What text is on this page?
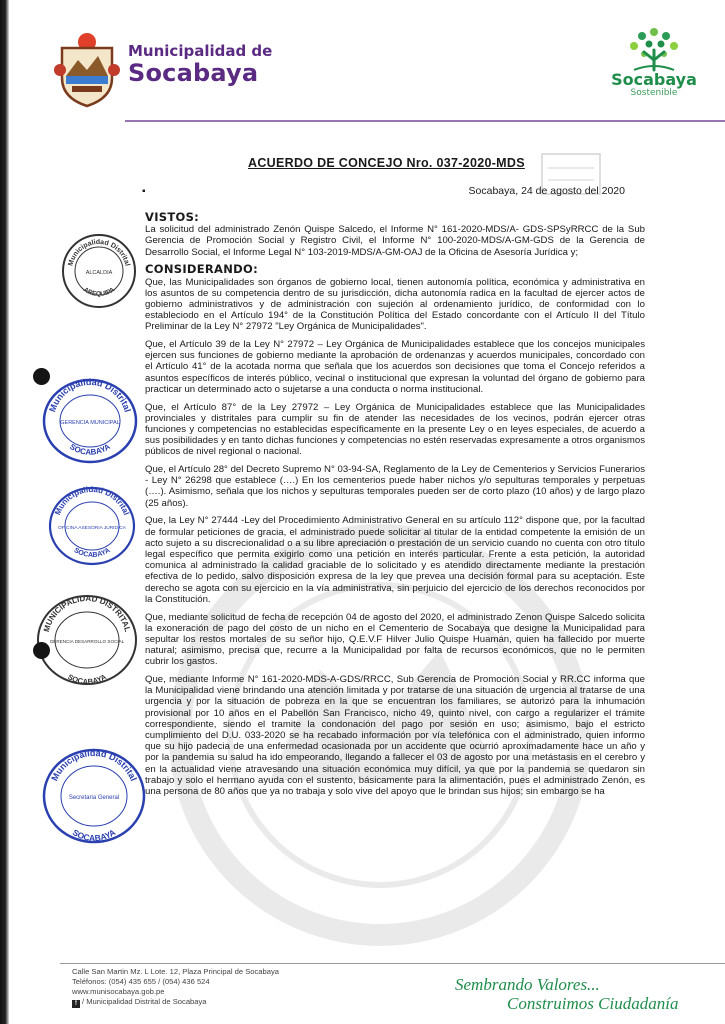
Municipalidad de
Socabaya	Socabaya
Sostenible
ACUERDO DE CONCEJO Nro. 037-2020-MDS
▪	Socabaya, 24 de agosto del 2020
VISTOS:

La solicitud del administrado Zenón Quispe Salcedo, el Informe N° 161-2020-MDS/A- GDS-SPSyRRCC de la Sub Gerencia de Promoción Social y Registro Civil, el Informe N° 100-2020-MDS/A-GM-GDS de la Gerencia de Desarrollo Social, el Informe Legal N° 103-2019-MDS/A-GM-OAJ de la Oficina de Asesoría Jurídica y;

CONSIDERANDO:

Que, las Municipalidades son órganos de gobierno local, tienen autonomía política, económica y administrativa en los asuntos de su competencia dentro de su jurisdicción, dicha autonomía radica en la facultad de ejercer actos de gobierno administrativos y de administración con sujeción al ordenamiento jurídico, de conformidad con lo estableciodo en el Artículo 194° de la Constitución Política del Estado concordante con el Artículo II del Título Preliminar de la Ley N° 27972 "Ley Orgánica de Municipalidades".

Que, el Artículo 39 de la Ley N° 27972 – Ley Orgánica de Municipalidades establece que los concejos municipales ejercen sus funciones de gobierno mediante la aprobación de ordenanzas y acuerdos municipales, concordado con el Artículo 41° de la acotada norma que señala que los acuerdos son decisiones que toma el Concejo referidos a asuntos específicos de interés público, vecinal o institucional que expresan la voluntad del órgano de gobierno para practicar un determinado acto o sujetarse a una conducta o norma institucional.

Que, el Artículo 87° de la Ley 27972 – Ley Orgánica de Municipalidades establece que las Municipalidades provinciales y distritales para cumplir su fin de atender las necesidades de los vecinos, podrán ejercer otras funciones y competencias no establecidas específicamente en la presente Ley o en leyes especiales, de acuerdo a sus posibilidades y en tanto dichas funciones y competencias no estén reservadas expresamente a otros organismos públicos de nivel regional o nacional.

Que, el Artículo 28° del Decreto Supremo N° 03-94-SA, Reglamento de la Ley de Cementerios y Servicios Funerarios - Ley N° 26298 que establece (….) En los cementerios puede haber nichos y/o sepulturas temporales y perpetuas (….). Asimismo, señala que los nichos y sepulturas temporales pueden ser de corto plazo (10 años) y de largo plazo (25 años).

Que, la Ley N° 27444 -Ley del Procedimiento Administrativo General en su artículo 112° dispone que, por la facultad de formular peticiones de gracia, el administrado puede solicitar al titular de la entidad competente la emisión de un acto sujeto a su discrecionalidad o a su libre apreciación o prestación de un servicio cuando no cuenta con otro título legal específico que permita exigirlo como una petición en interés particular. Frente a esta petición, la autoridad comunica al administrado la calidad graciable de lo solicitado y es atendido directamente mediante la prestación efectiva de lo pedido, salvo disposición expresa de la ley que prevea una decisión formal para su aceptación. Este derecho se agota con su ejercicio en la vía administrativa, sin perjuicio del ejercicio de los derechos reconocidos por la Constitución.

Que, mediante solicitud de fecha de recepción 04 de agosto del 2020, el administrado Zenon Quispe Salcedo solicita la exoneración de pago del costo de un nicho en el Cementerio de Socabaya que designe la Municipalidad para sepultar los restos mortales de su señor hijo, Q.E.V.F Hilver Julio Quispe Huamán, quien ha fallecido por muerte natural; asimismo, precisa que, recurre a la Municipalidad por falta de recursos económicos, que no le permiten cubrir los gastos.

Que, mediante Informe N° 161-2020-MDS-A-GDS/RRCC, Sub Gerencia de Promoción Social y RR.CC informa que la Municipalidad viene brindando una atención limitada y por tratarse de una situación de urgencia al tratarse de una urgencia y por la situación de pobreza en la que se encuentran los familiares, se autorizó para la inhumación provisional por 10 años en el Pabellón San Francisco, nicho 49, quinto nivel, con cargo a regularizer el trámite correspondiente, siendo el tramite la condonación del pago por sesión en uso; asimismo, bajo el estricto cumplimiento del D.U. 033-2020 se ha recabado información por vía telefónica con el administrado, quien informo que su hijo padecia de una enfermedad ocasionada por un accidente que ocurrió aproximadamente hace un año y por la pandemia su salud ha ido empeorando, llegando a fallecer el 03 de agosto por una metástasis en el cerebro y en la actualidad viene atravesando una situación económica muy difícil, ya que por la pandemia se quedaron sin trabajo y solo el hermano ayuda con el sustento, básicamente para la alimentación, pues el administrado Zenón, es una persona de 80 años que ya no trabaja y solo vive del apoyo que le brindan sus hijos; sin embargo se ha

Municipalidad Distrital
ALCALDIA
AREQUIPA
Municipalidad Distrital
GERENCIA MUNICIPAL
SOCABAYA
Municipalidad Distrital
OFICINA ASESORIA JURIDICA
SOCABAYA
MUNICIPALIDAD DISTRITAL
GERENCIA DESARROLLO SOCIAL
SOCABAYA
Municipalidad Distrital
Secretaria General
SOCABAYA
Calle San Martin Mz. L Lote. 12, Plaza Principal de Socabaya
Teléfonos: (054) 435 655 / (054) 436 524
www.munisocabaya.gob.pe
f / Municipalidad Distrital de Socabaya
Sembrando Valores...
Construimos Ciudadanía
